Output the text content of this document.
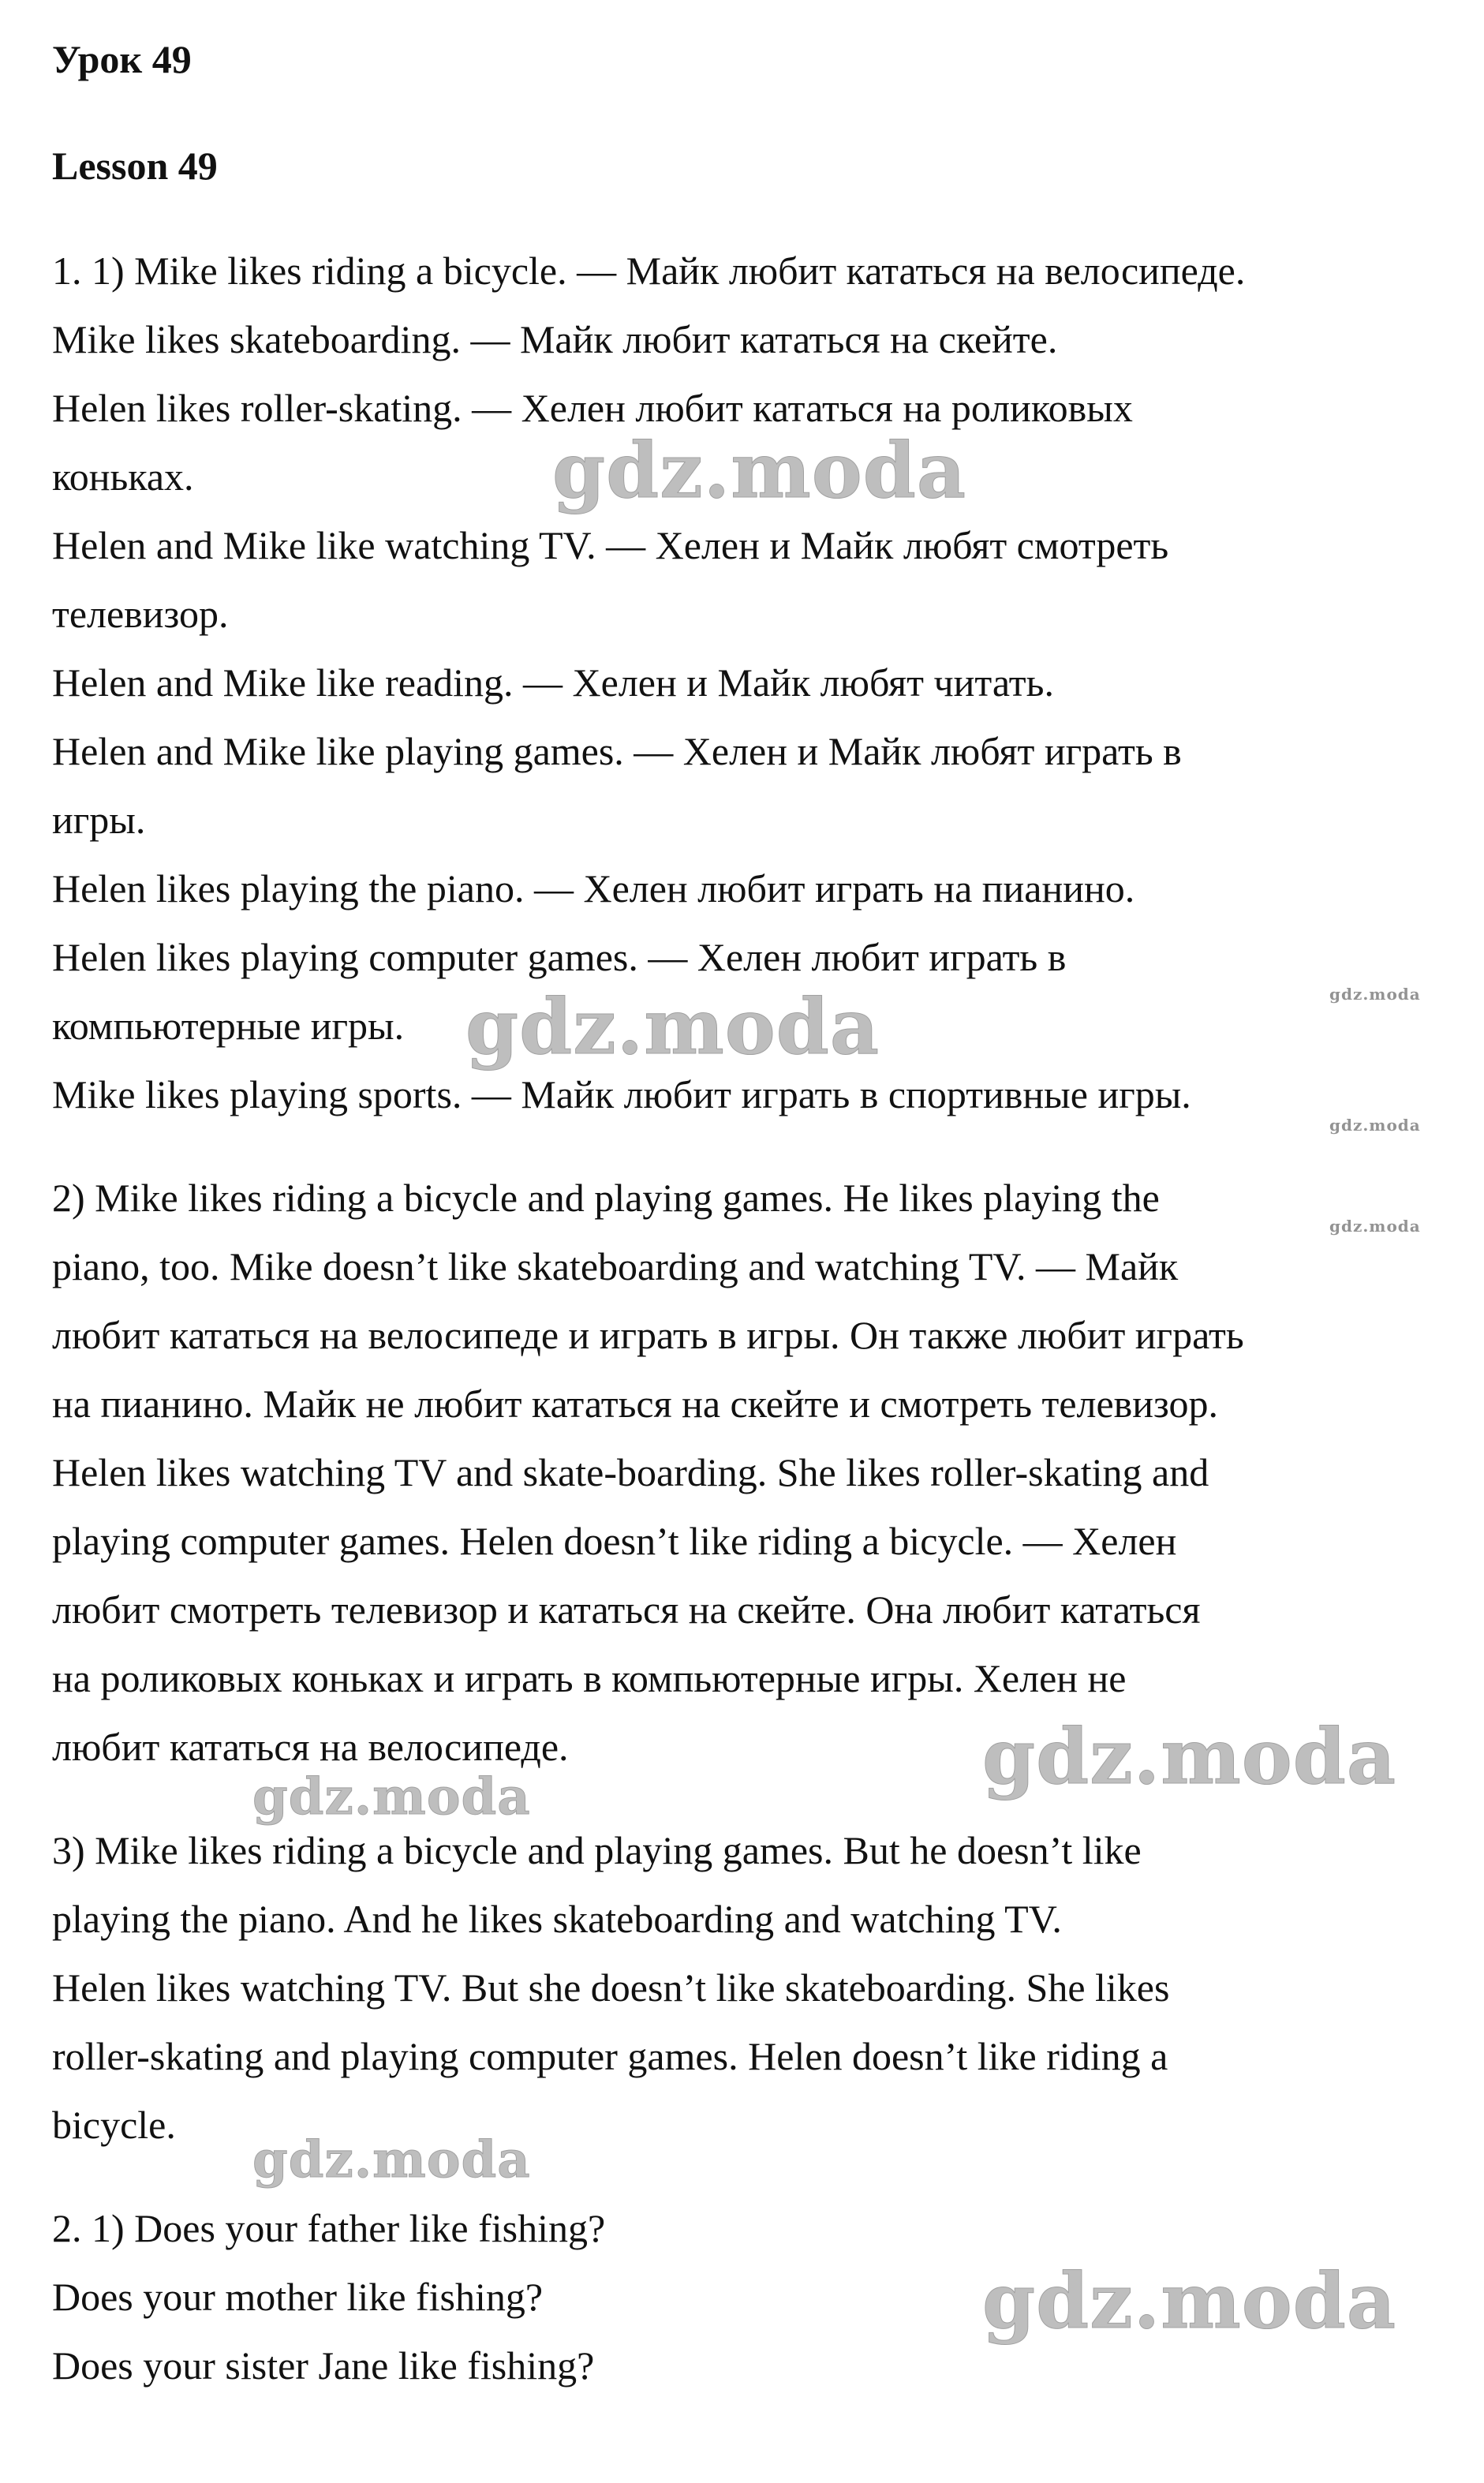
Урок 49
Lesson 49
1. 1) Mike likes riding a bicycle. — Майк любит кататься на велосипеде.
Mike likes skateboarding. — Майк любит кататься на скейте.
Helen likes roller-skating. — Хелен любит кататься на роликовых
коньках.
Helen and Mike like watching TV. — Хелен и Майк любят смотреть
телевизор.
Helen and Mike like reading. — Хелен и Майк любят читать.
Helen and Mike like playing games. — Хелен и Майк любят играть в
игры.
Helen likes playing the piano. — Хелен любит играть на пианино.
Helen likes playing computer games. — Хелен любит играть в
компьютерные игры.
Mike likes playing sports. — Майк любит играть в спортивные игры.
2) Mike likes riding a bicycle and playing games. He likes playing the
piano, too. Mike doesn’t like skateboarding and watching TV. — Майк
любит кататься на велосипеде и играть в игры. Он также любит играть
на пианино. Майк не любит кататься на скейте и смотреть телевизор.
Helen likes watching TV and skate-boarding. She likes roller-skating and
playing computer games. Helen doesn’t like riding a bicycle. — Хелен
любит смотреть телевизор и кататься на скейте. Она любит кататься
на роликовых коньках и играть в компьютерные игры. Хелен не
любит кататься на велосипеде.
3) Mike likes riding a bicycle and playing games. But he doesn’t like
playing the piano. And he likes skateboarding and watching TV.
Helen likes watching TV. But she doesn’t like skateboarding. She likes
roller-skating and playing computer games. Helen doesn’t like riding a
bicycle.
2. 1) Does your father like fishing?
Does your mother like fishing?
Does your sister Jane like fishing?
gdz.moda
gdz.moda
gdz.moda
gdz.moda
gdz.moda
gdz.moda
gdz.moda
gdz.moda
gdz.moda
